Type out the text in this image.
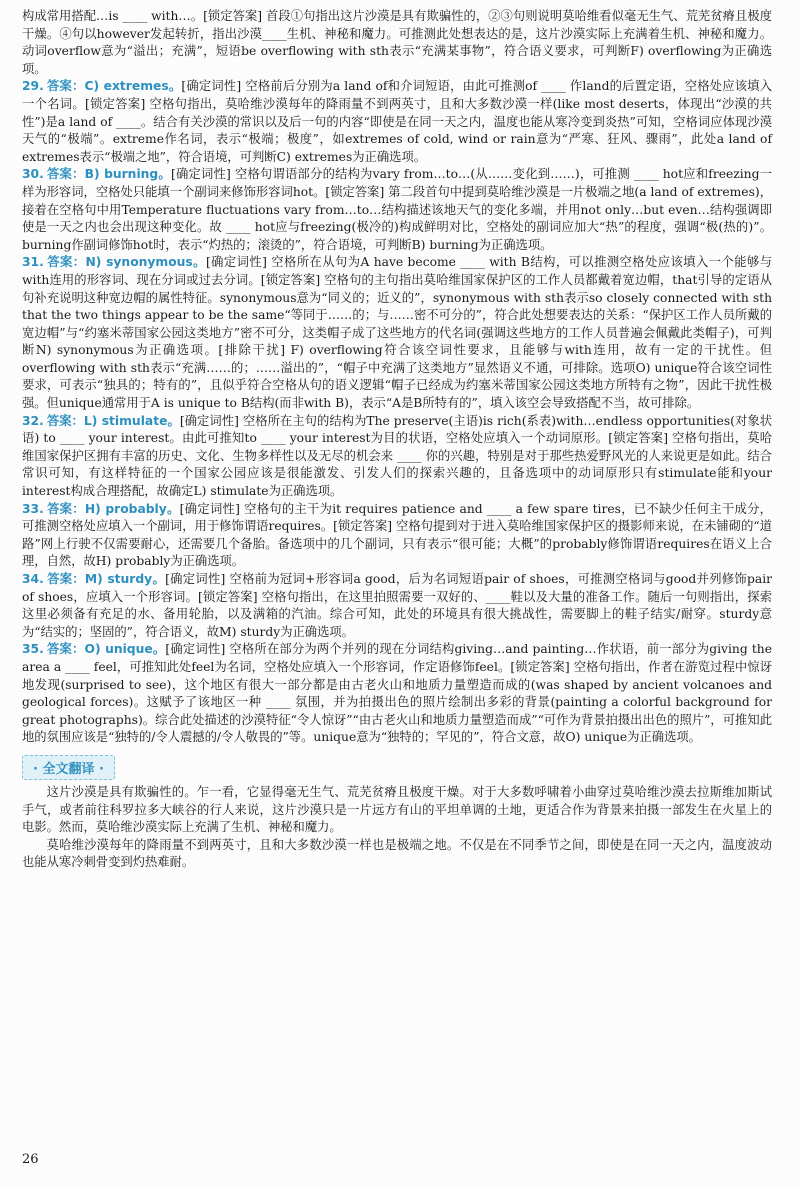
构成常用搭配…is ____ with…。[锁定答案] 首段①句指出这片沙漠是具有欺骗性的，②③句则说明莫哈维看似毫无生气、荒芜贫瘠且极度干燥。④句以however发起转折，指出沙漠____生机、神秘和魔力。可推测此处想表达的是，这片沙漠实际上充满着生机、神秘和魔力。动词overflow意为“溢出；充满”，短语be overflowing with sth表示“充满某事物”，符合语义要求，可判断F) overflowing为正确选项。

29. 答案：C) extremes。[确定词性] 空格前后分别为a land of和介词短语，由此可推测of ____ 作land的后置定语，空格处应该填入一个名词。[锁定答案] 空格句指出，莫哈维沙漠每年的降雨量不到两英寸，且和大多数沙漠一样(like most deserts，体现出“沙漠的共性”)是a land of ____。结合有关沙漠的常识以及后一句的内容“即使是在同一天之内，温度也能从寒冷变到炎热”可知，空格词应体现沙漠天气的“极端”。extreme作名词，表示“极端；极度”，如extremes of cold, wind or rain意为“严寒、狂风、骤雨”，此处a land of extremes表示“极端之地”，符合语境，可判断C) extremes为正确选项。

30. 答案：B) burning。[确定词性] 空格句谓语部分的结构为vary from…to…(从……变化到……)，可推测 ____ hot应和freezing一样为形容词，空格处只能填一个副词来修饰形容词hot。[锁定答案] 第二段首句中提到莫哈维沙漠是一片极端之地(a land of extremes)，接着在空格句中用Temperature fluctuations vary from…to…结构描述该地天气的变化多端，并用not only…but even…结构强调即使是一天之内也会出现这种变化。故 ____ hot应与freezing(极冷的)构成鲜明对比，空格处的副词应加大“热”的程度，强调“极(热的)”。burning作副词修饰hot时，表示“灼热的；滚烫的”，符合语境，可判断B) burning为正确选项。

31. 答案：N) synonymous。[确定词性] 空格所在从句为A have become ____ with B结构，可以推测空格处应该填入一个能够与with连用的形容词、现在分词或过去分词。[锁定答案] 空格句的主句指出莫哈维国家保护区的工作人员都戴着宽边帽，that引导的定语从句补充说明这种宽边帽的属性特征。synonymous意为“同义的；近义的”，synonymous with sth表示so closely connected with sth that the two things appear to be the same“等同于……的；与……密不可分的”，符合此处想要表达的关系：“保护区工作人员所戴的宽边帽”与“约塞米蒂国家公园这类地方”密不可分，这类帽子成了这些地方的代名词(强调这些地方的工作人员普遍会佩戴此类帽子)，可判断N) synonymous为正确选项。[排除干扰] F) overflowing符合该空词性要求，且能够与with连用，故有一定的干扰性。但overflowing with sth表示“充满……的；……溢出的”，“帽子中充满了这类地方”显然语义不通，可排除。选项O) unique符合该空词性要求，可表示“独具的；特有的”，且似乎符合空格从句的语义逻辑“帽子已经成为约塞米蒂国家公园这类地方所特有之物”，因此干扰性极强。但unique通常用于A is unique to B结构(而非with B)，表示“A是B所特有的”，填入该空会导致搭配不当，故可排除。

32. 答案：L) stimulate。[确定词性] 空格所在主句的结构为The preserve(主语)is rich(系表)with…endless opportunities(对象状语) to ____ your interest。由此可推知to ____ your interest为目的状语，空格处应填入一个动词原形。[锁定答案] 空格句指出，莫哈维国家保护区拥有丰富的历史、文化、生物多样性以及无尽的机会来 ____ 你的兴趣，特别是对于那些热爱野风光的人来说更是如此。结合常识可知，有这样特征的一个国家公园应该是很能激发、引发人们的探索兴趣的，且备选项中的动词原形只有stimulate能和your interest构成合理搭配，故确定L) stimulate为正确选项。

33. 答案：H) probably。[确定词性] 空格句的主干为it requires patience and ____ a few spare tires，已不缺少任何主干成分，可推测空格处应填入一个副词，用于修饰谓语requires。[锁定答案] 空格句提到对于进入莫哈维国家保护区的摄影师来说，在未铺砌的“道路”网上行驶不仅需要耐心，还需要几个备胎。备选项中的几个副词，只有表示“很可能；大概”的probably修饰谓语requires在语义上合理，自然，故H) probably为正确选项。

34. 答案：M) sturdy。[确定词性] 空格前为冠词+形容词a good，后为名词短语pair of shoes，可推测空格词与good并列修饰pair of shoes，应填入一个形容词。[锁定答案] 空格句指出，在这里拍照需要一双好的、____鞋以及大量的准备工作。随后一句则指出，探索这里必须备有充足的水、备用轮胎，以及满箱的汽油。综合可知，此处的环境具有很大挑战性，需要脚上的鞋子结实/耐穿。sturdy意为“结实的；坚固的”，符合语义，故M) sturdy为正确选项。

35. 答案：O) unique。[确定词性] 空格所在部分为两个并列的现在分词结构giving…and painting…作状语，前一部分为giving the area a ____ feel，可推知此处feel为名词，空格处应填入一个形容词，作定语修饰feel。[锁定答案] 空格句指出，作者在游览过程中惊讶地发现(surprised to see)，这个地区有很大一部分都是由古老火山和地质力量塑造而成的(was shaped by ancient volcanoes and geological forces)。这赋予了该地区一种 ____ 氛围，并为拍摄出色的照片绘制出多彩的背景(painting a colorful background for great photographs)。综合此处描述的沙漠特征“令人惊讶”“由古老火山和地质力量塑造而成”“可作为背景拍摄出出色的照片”，可推知此地的氛围应该是“独特的/令人震撼的/令人敬畏的”等。unique意为“独特的；罕见的”，符合文意，故O) unique为正确选项。

· 全文翻译 ·

这片沙漠是具有欺骗性的。乍一看，它显得毫无生气、荒芜贫瘠且极度干燥。对于大多数呼啸着小曲穿过莫哈维沙漠去拉斯维加斯试手气，或者前往科罗拉多大峡谷的行人来说，这片沙漠只是一片远方有山的平坦单调的土地，更适合作为背景来拍摄一部发生在火星上的电影。然而，莫哈维沙漠实际上充满了生机、神秘和魔力。

莫哈维沙漠每年的降雨量不到两英寸，且和大多数沙漠一样也是极端之地。不仅是在不同季节之间，即使是在同一天之内，温度波动也能从寒冷刺骨变到灼热难耐。

26
